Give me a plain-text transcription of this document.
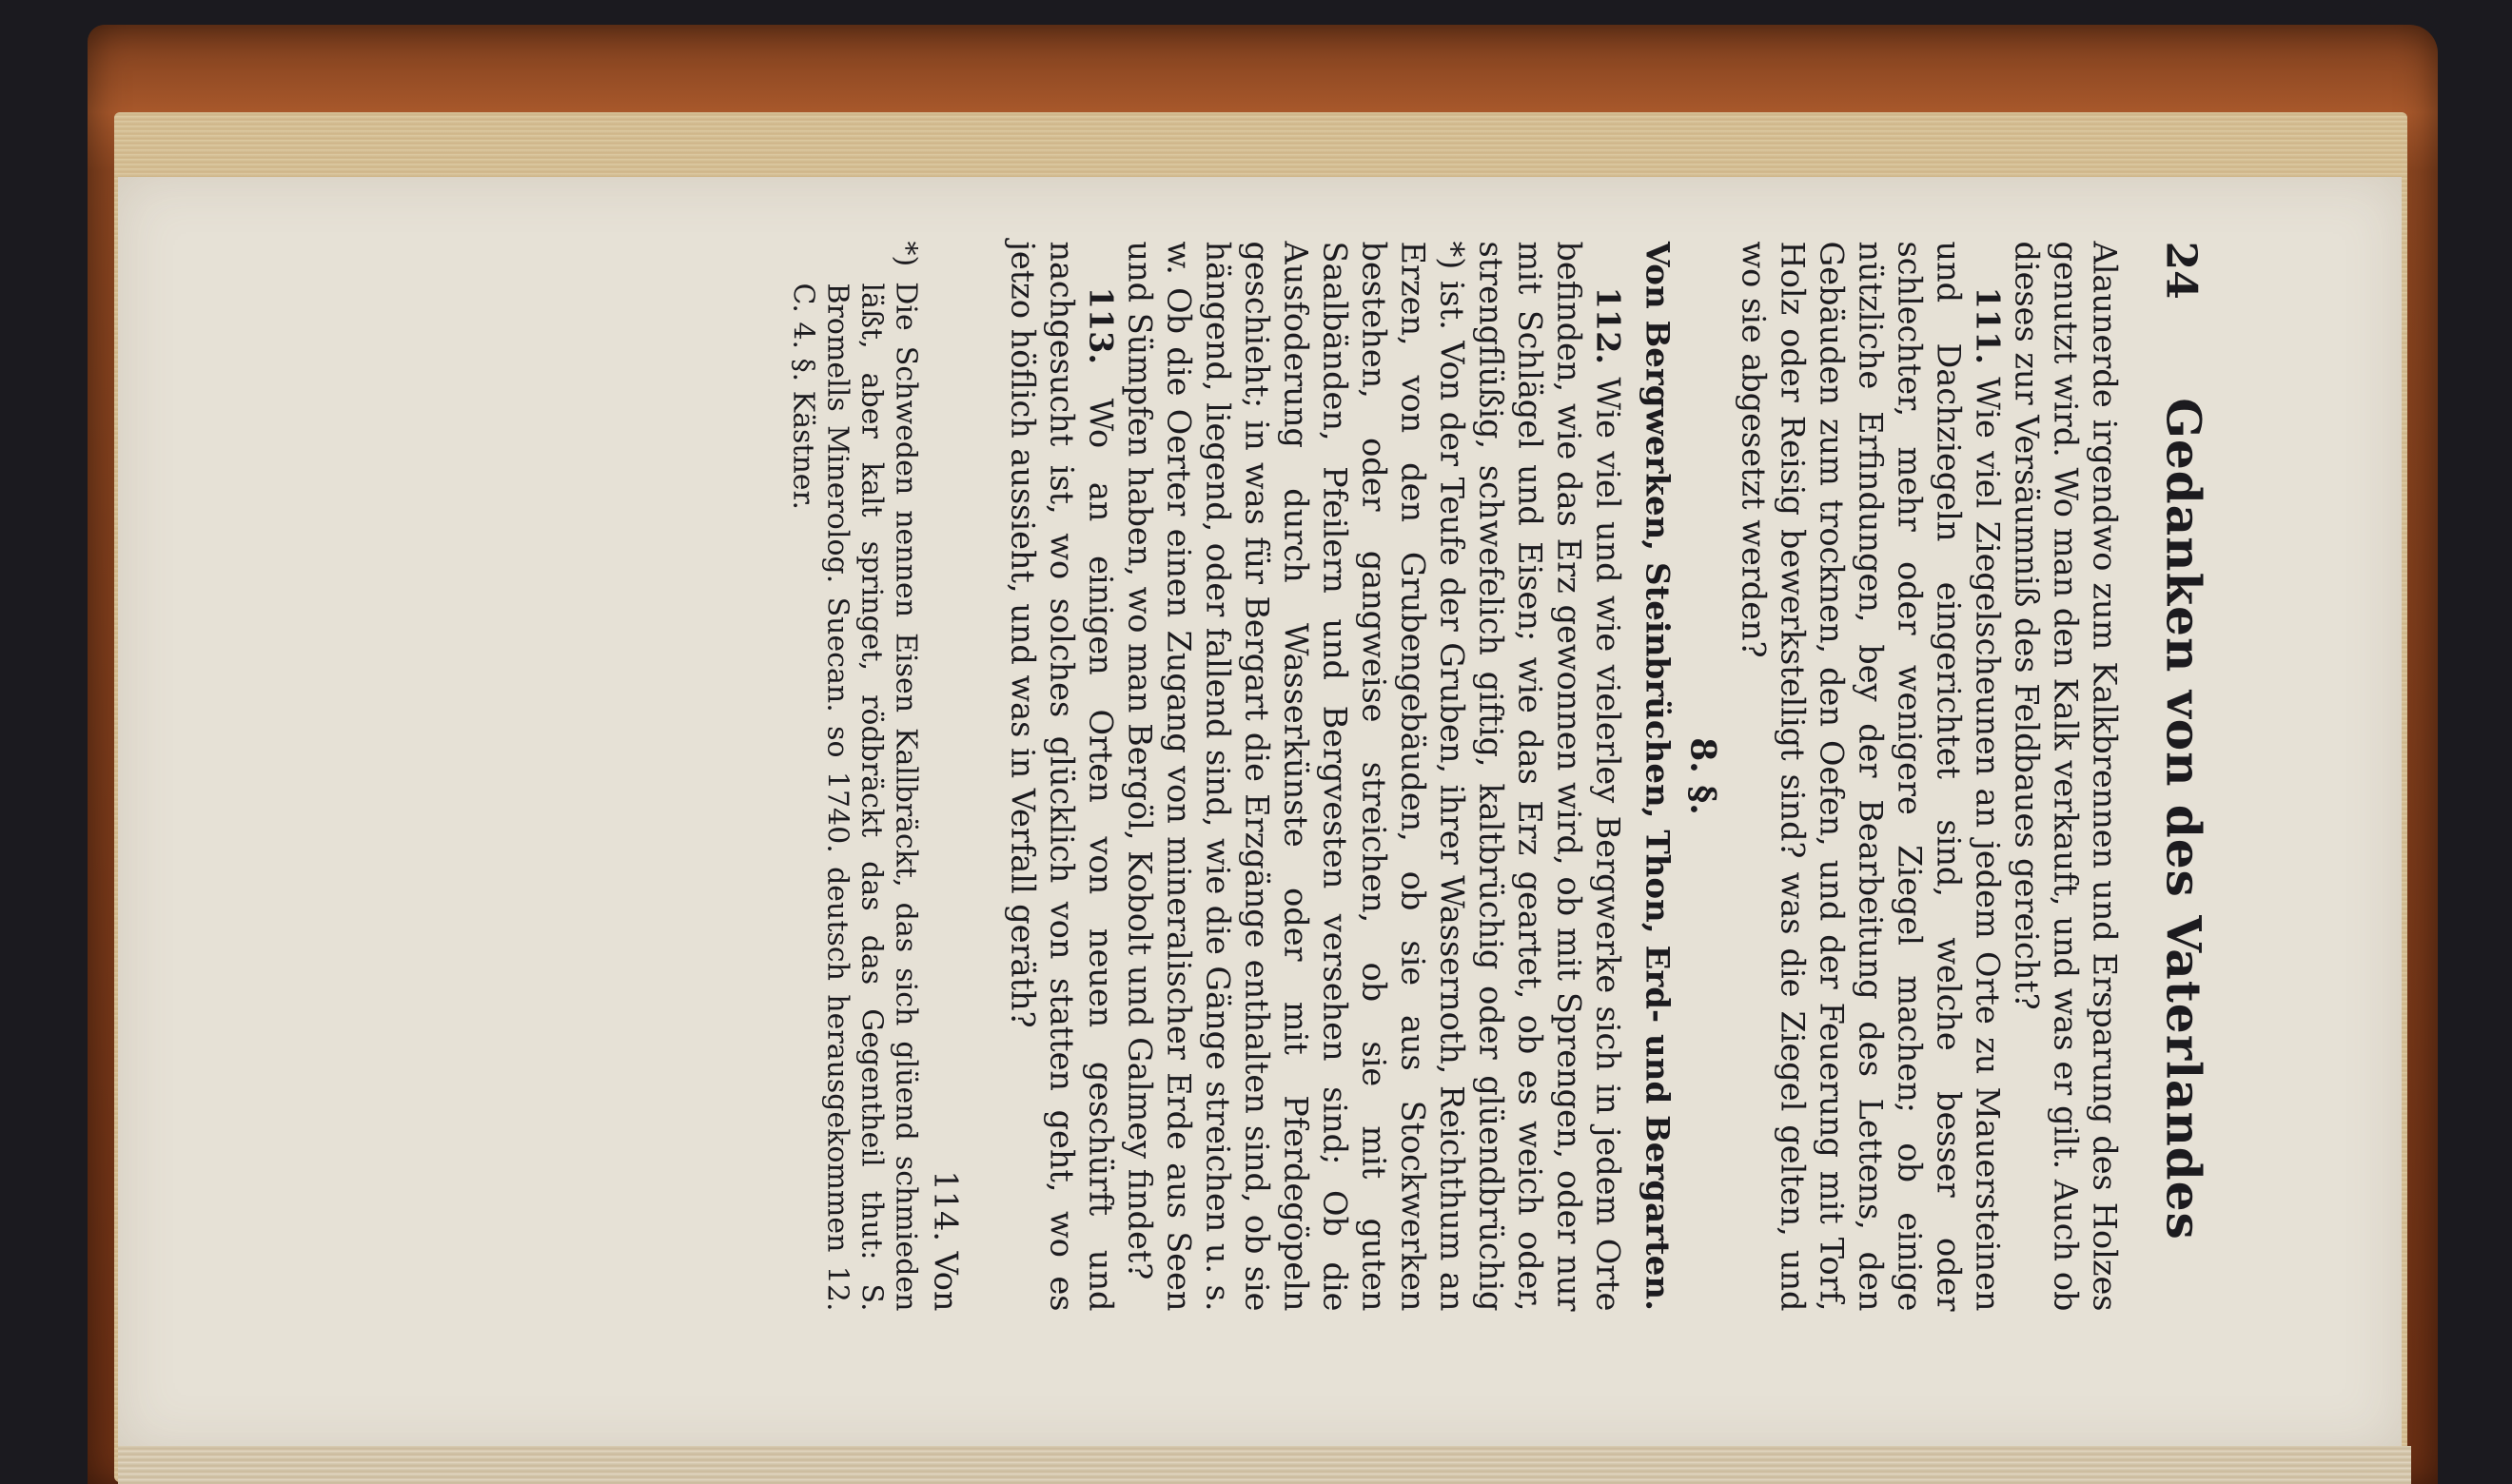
24
Gedanken von des Vaterlandes

Alaunerde irgendwo zum Kalkbrennen und Ersparung des Holzes genutzt wird. Wo man den Kalk verkauft, und was er gilt. Auch ob dieses zur Versäumniß des Feldbaues gereicht?

111. Wie viel Ziegelscheunen an jedem Orte zu Mauersteinen und Dachziegeln eingerichtet sind, welche besser oder schlechter, mehr oder wenigere Ziegel machen; ob einige nützliche Erfindungen, bey der Bearbeitung des Lettens, den Gebäuden zum trocknen, den Oefen, und der Feuerung mit Torf, Holz oder Reisig bewerkstelligt sind? was die Ziegel gelten, und wo sie abgesetzt werden?

8. §.
Von Bergwerken, Steinbrüchen, Thon, Erd- und Bergarten.

112. Wie viel und wie vielerley Bergwerke sich in jedem Orte befinden, wie das Erz gewonnen wird, ob mit Sprengen, oder nur mit Schlägel und Eisen; wie das Erz geartet, ob es weich oder, strengflüßig, schwefelich giftig, kaltbrüchig oder glüendbrüchig *) ist. Von der Teufe der Gruben, ihrer Wassernoth, Reichthum an Erzen, von den Grubengebäuden, ob sie aus Stockwerken bestehen, oder gangweise streichen, ob sie mit guten Saalbänden, Pfeilern und Bergvesten versehen sind; Ob die Ausfoderung durch Wasserkünste oder mit Pferdegöpeln geschieht; in was für Bergart die Erzgänge enthalten sind, ob sie hängend, liegend, oder fallend sind, wie die Gänge streichen u. s. w. Ob die Oerter einen Zugang von mineralischer Erde aus Seen und Sümpfen haben, wo man Bergöl, Kobolt und Galmey findet?

113. Wo an einigen Orten von neuen geschürft und nachgesucht ist, wo solches glücklich von statten geht, wo es jetzo höflich aussieht, und was in Verfall geräth?

114. Von

*) Die Schweden nennen Eisen Kallbräckt, das sich glüend schmieden läßt, aber kalt springet, rödbräckt das das Gegentheil thut: S. Bromells Minerolog. Suecan. so 1740. deutsch herausgekommen 12. C. 4. §. Kästner.
